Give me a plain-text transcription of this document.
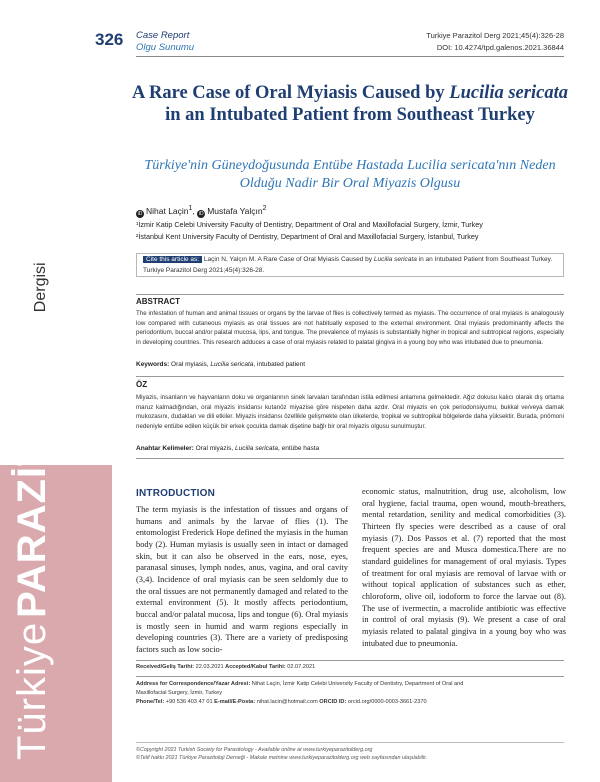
TürkiyePARAZİTOLOJİDergisi
326 Case Report
Olgu Sunumu
Turkiye Parazitol Derg 2021;45(4):326-28
DOI: 10.4274/tpd.galenos.2021.36844
A Rare Case of Oral Myiasis Caused by Lucilia sericata in an Intubated Patient from Southeast Turkey
Türkiye'nin Güneydoğusunda Entübe Hastada Lucilia sericata'nın Neden Olduğu Nadir Bir Oral Miyazis Olgusu
iD Nihat Laçin$^1$, iD Mustafa Yalçın$^2$
¹İzmir Katip Celebi University Faculty of Dentistry, Department of Oral and Maxillofacial Surgery, İzmir, Turkey
²İstanbul Kent University Faculty of Dentistry, Department of Oral and Maxillofacial Surgery, İstanbul, Turkey
Cite this article as: Laçin N, Yalçın M. A Rare Case of Oral Myiasis Caused by Lucilia sericata in an Intubated Patient from Southeast Turkey. Turkiye Parazitol Derg 2021;45(4):326-28.
ABSTRACT
The infestation of human and animal tissues or organs by the larvae of flies is collectively termed as myiasis. The occurrence of oral myiasis is analogously low compared with cutaneous myiasis as oral tissues are not habitually exposed to the external environment. Oral myiasis predominantly affects the periodontium, buccal and/or palatal mucosa, lips, and tongue. The prevalence of myiasis is substantially higher in tropical and subtropical regions, especially in developing countries. This research adduces a case of oral myiasis related to palatal gingiva in a young boy who was intubated due to pneumonia.
Keywords: Oral myiasis, Lucilia sericata, intubated patient
ÖZ
Miyazis, insanların ve hayvanların doku ve organlarının sinek larvaları tarafından istila edilmesi anlamına gelmektedir. Ağız dokusu kalıcı olarak dış ortama maruz kalmadığından, oral miyazis insidansı kutanöz miyazise göre nispeten daha azdır. Oral miyazis en çok periodonsiyumu, bukkal ve/veya damak mukozasını, dudakları ve dili etkiler. Miyazis insidansı özellikle gelişmekte olan ülkelerde, tropikal ve subtropikal bölgelerde daha yüksektir. Burada, pnömoni nedeniyle entübe edilen küçük bir erkek çocukta damak dişetine bağlı bir oral miyazis olgusu sunulmuştur.
Anahtar Kelimeler: Oral miyazis, Lucilia sericata, entübe hasta
INTRODUCTION
The term myiasis is the infestation of tissues and organs of humans and animals by the larvae of flies (1). The entomologist Frederick Hope defined the myiasis in the human body (2). Human myiasis is usually seen in intact or damaged skin, but it can also be observed in the ears, nose, eyes, paranasal sinuses, lymph nodes, anus, vagina, and oral cavity (3,4). Incidence of oral myiasis can be seen seldomly due to the oral tissues are not permanently damaged and related to the external environment (5). It mostly affects periodontium, buccal and/or palatal mucosa, lips and tongue (6). Oral myiasis is mostly seen in humid and warm regions especially in developing countries (3). There are a variety of predisposing factors such as low socio-
economic status, malnutrition, drug use, alcoholism, low oral hygiene, facial trauma, open wound, mouth-breathers, mental retardation, senility and medical comorbidities (3). Thirteen fly species were described as a cause of oral myiasis (7). Dos Passos et al. (7) reported that the most frequent species are and Musca domestica.There are no standard guidelines for management of oral myiasis. Types of treatment for oral myiasis are removal of larvae with or without topical application of substances such as ether, chloroform, olive oil, iodoform to force the larvae out (8). The use of ivermectin, a macrolide antibiotic was effective in control of oral myiasis (9). We present a case of oral myiasis related to palatal gingiva in a young boy who was intubated due to pneumonia.
Received/Geliş Tarihi: 22.03.2021 Accepted/Kabul Tarihi: 02.07.2021
Address for Correspondence/Yazar Adresi: Nihat Laçin, İzmir Katip Celebi University Faculty of Dentistry, Department of Oral and
Maxillofacial Surgery, İzmir, Turkey
Phone/Tel: +90 536 403 47 01 E-mail/E-Posta: nihat.lacin@hotmail.com ORCID ID: orcid.org/0000-0003-3661-2370
©Copyright 2021 Turkish Society for Parasitology - Available online at www.turkiyeparazitolderg.org
©Telif hakkı 2021 Türkiye Parazitoloji Derneği - Makale metnine www.turkiyeparazitolderg.org web sayfasından ulaşılabilir.
